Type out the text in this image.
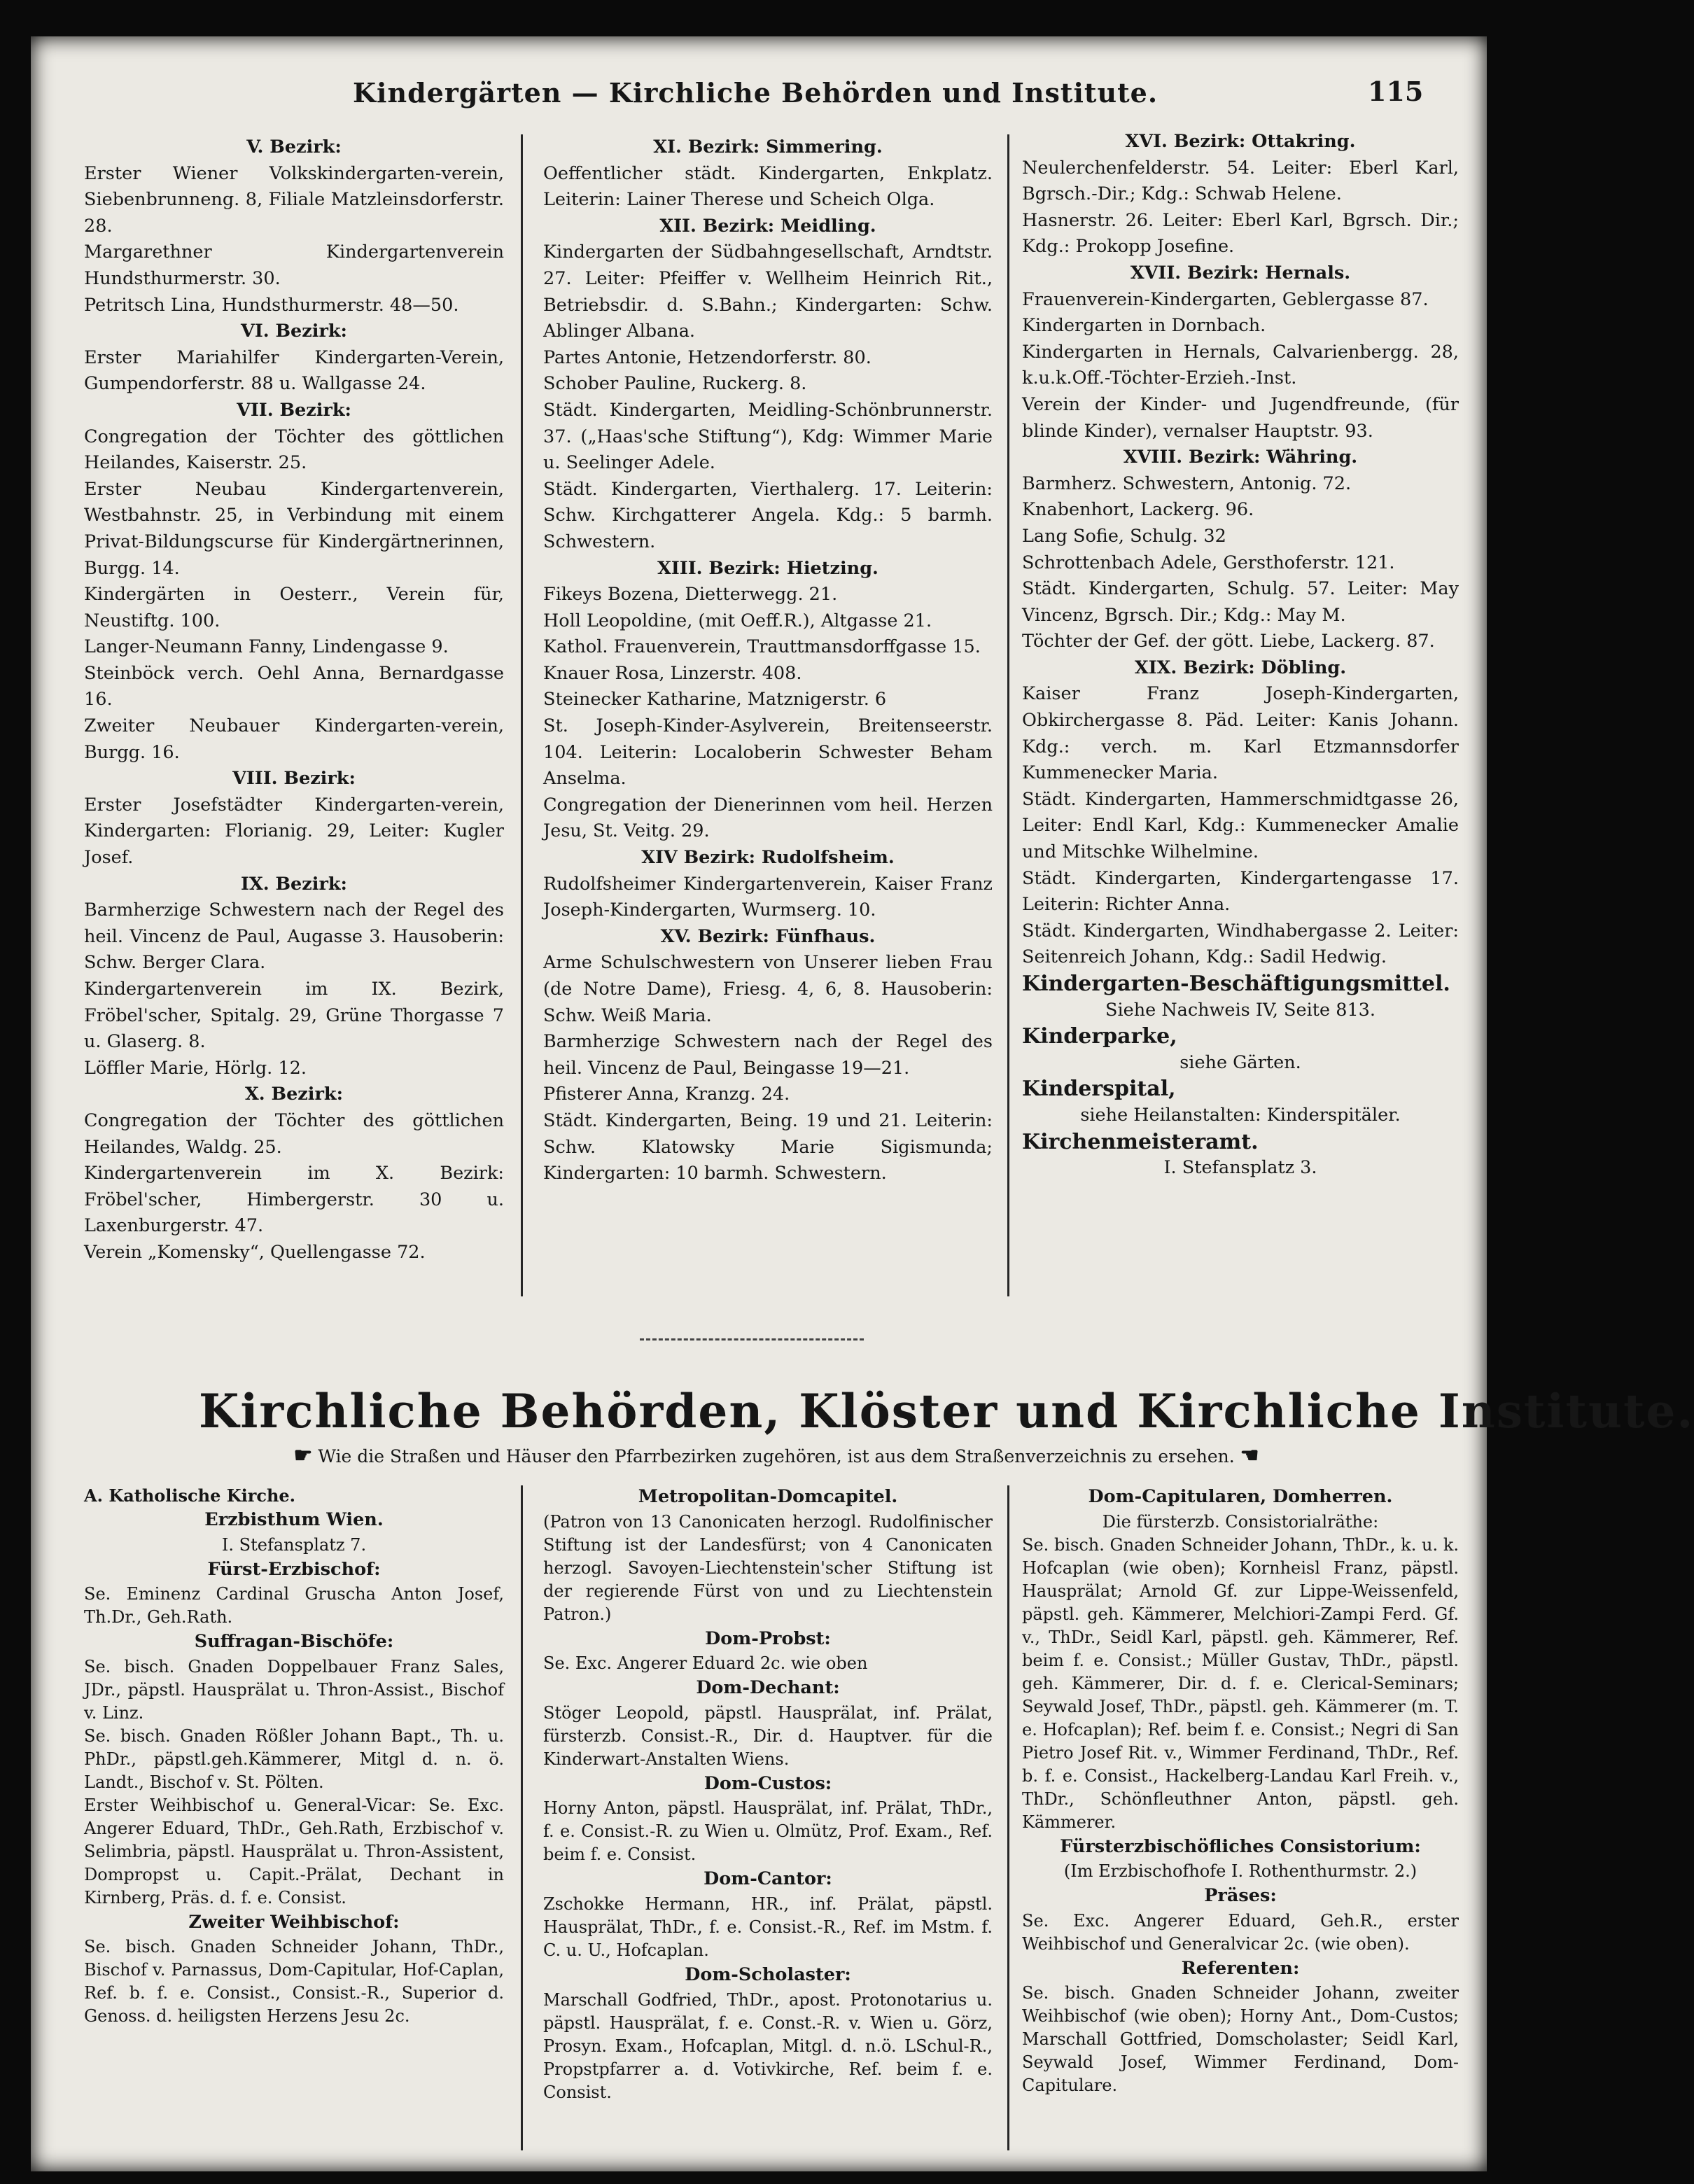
Kindergärten — Kirchliche Behörden und Institute.	115
V. Bezirk:

Erster Wiener Volkskindergarten-verein, Siebenbrunneng. 8, Filiale Matzleinsdorferstr. 28.

Margarethner Kindergartenverein Hundsthurmerstr. 30.

Petritsch Lina, Hundsthurmerstr. 48—50.

VI. Bezirk:

Erster Mariahilfer Kindergarten-Verein, Gumpendorferstr. 88 u. Wallgasse 24.

VII. Bezirk:

Congregation der Töchter des göttlichen Heilandes, Kaiserstr. 25.

Erster Neubau Kindergartenverein, Westbahnstr. 25, in Verbindung mit einem Privat-Bildungscurse für Kindergärtnerinnen, Burgg. 14.

Kindergärten in Oesterr., Verein für, Neustiftg. 100.

Langer-Neumann Fanny, Lindengasse 9.

Steinböck verch. Oehl Anna, Bernardgasse 16.

Zweiter Neubauer Kindergarten-verein, Burgg. 16.

VIII. Bezirk:

Erster Josefstädter Kindergarten-verein, Kindergarten: Florianig. 29, Leiter: Kugler Josef.

IX. Bezirk:

Barmherzige Schwestern nach der Regel des heil. Vincenz de Paul, Augasse 3. Hausoberin: Schw. Berger Clara.

Kindergartenverein im IX. Bezirk, Fröbel'scher, Spitalg. 29, Grüne Thorgasse 7 u. Glaserg. 8.

Löffler Marie, Hörlg. 12.

X. Bezirk:

Congregation der Töchter des göttlichen Heilandes, Waldg. 25.

Kindergartenverein im X. Bezirk: Fröbel'scher, Himbergerstr. 30 u. Laxenburgerstr. 47.

Verein „Komensky“, Quellengasse 72.

XI. Bezirk: Simmering.

Oeffentlicher städt. Kindergarten, Enkplatz. Leiterin: Lainer Therese und Scheich Olga.

XII. Bezirk: Meidling.

Kindergarten der Südbahngesellschaft, Arndtstr. 27. Leiter: Pfeiffer v. Wellheim Heinrich Rit., Betriebsdir. d. S.Bahn.; Kindergarten: Schw. Ablinger Albana.

Partes Antonie, Hetzendorferstr. 80.

Schober Pauline, Ruckerg. 8.

Städt. Kindergarten, Meidling-Schönbrunnerstr. 37. („Haas'sche Stiftung“), Kdg: Wimmer Marie u. Seelinger Adele.

Städt. Kindergarten, Vierthalerg. 17. Leiterin: Schw. Kirchgatterer Angela. Kdg.: 5 barmh. Schwestern.

XIII. Bezirk: Hietzing.

Fikeys Bozena, Dietterwegg. 21.

Holl Leopoldine, (mit Oeff.R.), Altgasse 21.

Kathol. Frauenverein, Trauttmansdorffgasse 15.

Knauer Rosa, Linzerstr. 408.

Steinecker Katharine, Matznigerstr. 6

St. Joseph-Kinder-Asylverein, Breitenseerstr. 104. Leiterin: Localoberin Schwester Beham Anselma.

Congregation der Dienerinnen vom heil. Herzen Jesu, St. Veitg. 29.

XIV Bezirk: Rudolfsheim.

Rudolfsheimer Kindergartenverein, Kaiser Franz Joseph-Kindergarten, Wurmserg. 10.

XV. Bezirk: Fünfhaus.

Arme Schulschwestern von Unserer lieben Frau (de Notre Dame), Friesg. 4, 6, 8. Hausoberin: Schw. Weiß Maria.

Barmherzige Schwestern nach der Regel des heil. Vincenz de Paul, Beingasse 19—21.

Pfisterer Anna, Kranzg. 24.

Städt. Kindergarten, Being. 19 und 21. Leiterin: Schw. Klatowsky Marie Sigismunda; Kindergarten: 10 barmh. Schwestern.

XVI. Bezirk: Ottakring.

Neulerchenfelderstr. 54. Leiter: Eberl Karl, Bgrsch.-Dir.; Kdg.: Schwab Helene.

Hasnerstr. 26. Leiter: Eberl Karl, Bgrsch. Dir.; Kdg.: Prokopp Josefine.

XVII. Bezirk: Hernals.

Frauenverein-Kindergarten, Geblergasse 87.

Kindergarten in Dornbach.

Kindergarten in Hernals, Calvarienbergg. 28, k.u.k.Off.-Töchter-Erzieh.-Inst.

Verein der Kinder- und Jugendfreunde, (für blinde Kinder), vernalser Hauptstr. 93.

XVIII. Bezirk: Währing.

Barmherz. Schwestern, Antonig. 72.

Knabenhort, Lackerg. 96.

Lang Sofie, Schulg. 32

Schrottenbach Adele, Gersthoferstr. 121.

Städt. Kindergarten, Schulg. 57. Leiter: May Vincenz, Bgrsch. Dir.; Kdg.: May M.

Töchter der Gef. der gött. Liebe, Lackerg. 87.

XIX. Bezirk: Döbling.

Kaiser Franz Joseph-Kindergarten, Obkirchergasse 8. Päd. Leiter: Kanis Johann. Kdg.: verch. m. Karl Etzmannsdorfer Kummenecker Maria.

Städt. Kindergarten, Hammerschmidtgasse 26, Leiter: Endl Karl, Kdg.: Kummenecker Amalie und Mitschke Wilhelmine.

Städt. Kindergarten, Kindergartengasse 17. Leiterin: Richter Anna.

Städt. Kindergarten, Windhabergasse 2. Leiter: Seitenreich Johann, Kdg.: Sadil Hedwig.

Kindergarten-Beschäftigungsmittel.

Siehe Nachweis IV, Seite 813.

Kinderparke,

siehe Gärten.

Kinderspital,

siehe Heilanstalten: Kinderspitäler.

Kirchenmeisteramt.

I. Stefansplatz 3.

Kirchliche Behörden, Klöster und Kirchliche Institute.
☛ Wie die Straßen und Häuser den Pfarrbezirken zugehören, ist aus dem Straßenverzeichnis zu ersehen. ☚

A. Katholische Kirche.

Erzbisthum Wien.

I. Stefansplatz 7.

Fürst-Erzbischof:

Se. Eminenz Cardinal Gruscha Anton Josef, Th.Dr., Geh.Rath.

Suffragan-Bischöfe:

Se. bisch. Gnaden Doppelbauer Franz Sales, JDr., päpstl. Hausprälat u. Thron-Assist., Bischof v. Linz.

Se. bisch. Gnaden Rößler Johann Bapt., Th. u. PhDr., päpstl.geh.Kämmerer, Mitgl d. n. ö. Landt., Bischof v. St. Pölten.

Erster Weihbischof u. General-Vicar: Se. Exc. Angerer Eduard, ThDr., Geh.Rath, Erzbischof v. Selimbria, päpstl. Hausprälat u. Thron-Assistent, Dompropst u. Capit.-Prälat, Dechant in Kirnberg, Präs. d. f. e. Consist.

Zweiter Weihbischof:

Se. bisch. Gnaden Schneider Johann, ThDr., Bischof v. Parnassus, Dom-Capitular, Hof-Caplan, Ref. b. f. e. Consist., Consist.-R., Superior d. Genoss. d. heiligsten Herzens Jesu 2c.

Metropolitan-Domcapitel.

(Patron von 13 Canonicaten herzogl. Rudolfinischer Stiftung ist der Landesfürst; von 4 Canonicaten herzogl. Savoyen-Liechtenstein'scher Stiftung ist der regierende Fürst von und zu Liechtenstein Patron.)

Dom-Probst:

Se. Exc. Angerer Eduard 2c. wie oben

Dom-Dechant:

Stöger Leopold, päpstl. Hausprälat, inf. Prälat, fürsterzb. Consist.-R., Dir. d. Hauptver. für die Kinderwart-Anstalten Wiens.

Dom-Custos:

Horny Anton, päpstl. Hausprälat, inf. Prälat, ThDr., f. e. Consist.-R. zu Wien u. Olmütz, Prof. Exam., Ref. beim f. e. Consist.

Dom-Cantor:

Zschokke Hermann, HR., inf. Prälat, päpstl. Hausprälat, ThDr., f. e. Consist.-R., Ref. im Mstm. f. C. u. U., Hofcaplan.

Dom-Scholaster:

Marschall Godfried, ThDr., apost. Protonotarius u. päpstl. Hausprälat, f. e. Const.-R. v. Wien u. Görz, Prosyn. Exam., Hofcaplan, Mitgl. d. n.ö. LSchul-R., Propstpfarrer a. d. Votivkirche, Ref. beim f. e. Consist.

Dom-Capitularen, Domherren.

Die fürsterzb. Consistorialräthe:

Se. bisch. Gnaden Schneider Johann, ThDr., k. u. k. Hofcaplan (wie oben); Kornheisl Franz, päpstl. Hausprälat; Arnold Gf. zur Lippe-Weissenfeld, päpstl. geh. Kämmerer, Melchiori-Zampi Ferd. Gf. v., ThDr., Seidl Karl, päpstl. geh. Kämmerer, Ref. beim f. e. Consist.; Müller Gustav, ThDr., päpstl. geh. Kämmerer, Dir. d. f. e. Clerical-Seminars; Seywald Josef, ThDr., päpstl. geh. Kämmerer (m. T. e. Hofcaplan); Ref. beim f. e. Consist.; Negri di San Pietro Josef Rit. v., Wimmer Ferdinand, ThDr., Ref. b. f. e. Consist., Hackelberg-Landau Karl Freih. v., ThDr., Schönfleuthner Anton, päpstl. geh. Kämmerer.

Fürsterzbischöfliches Consistorium:

(Im Erzbischofhofe I. Rothenthurmstr. 2.)

Präses:

Se. Exc. Angerer Eduard, Geh.R., erster Weihbischof und Generalvicar 2c. (wie oben).

Referenten:

Se. bisch. Gnaden Schneider Johann, zweiter Weihbischof (wie oben); Horny Ant., Dom-Custos; Marschall Gottfried, Domscholaster; Seidl Karl, Seywald Josef, Wimmer Ferdinand, Dom-Capitulare.
